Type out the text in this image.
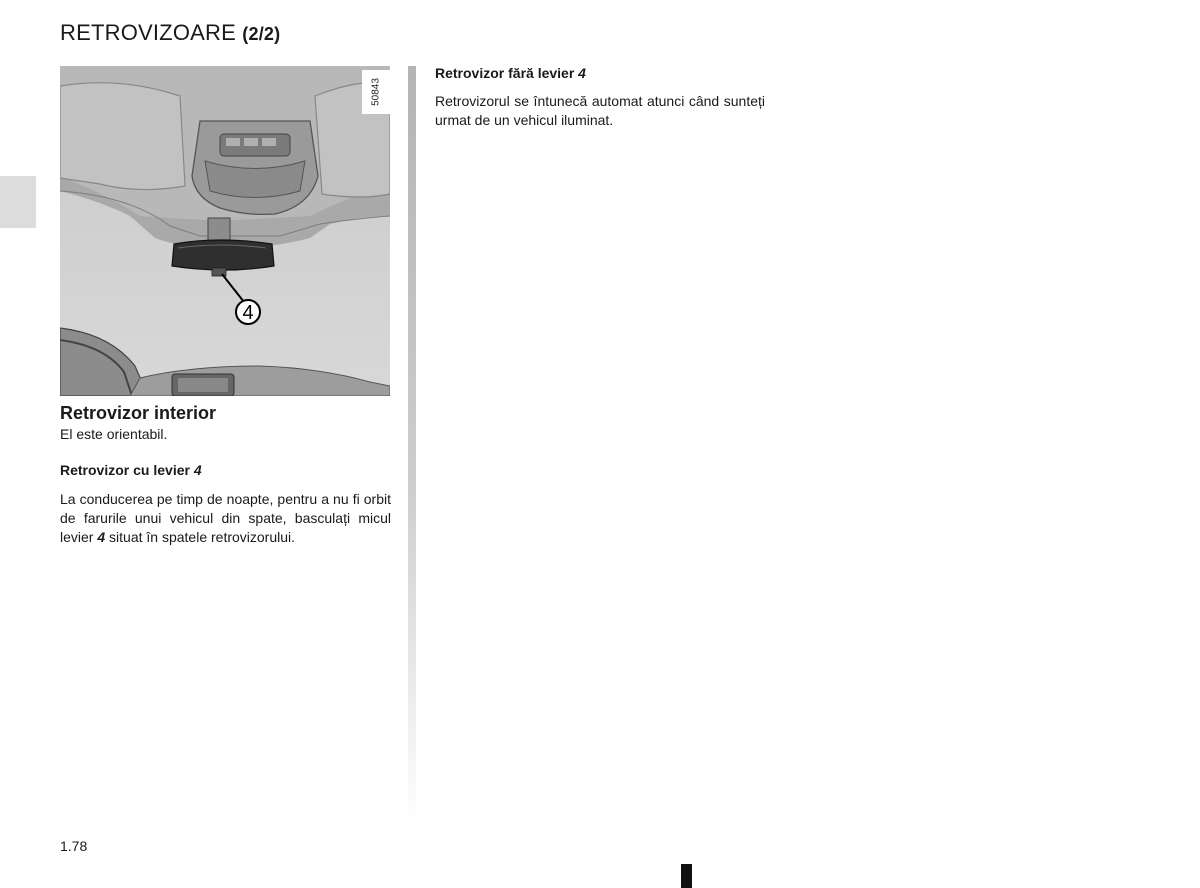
RETROVIZOARE (2/2)
4
50843
Retrovizor interior
El este orientabil.
Retrovizor cu levier 4
La conducerea pe timp de noapte, pentru a nu fi orbit de farurile unui vehicul din spate, basculați micul levier 4 situat în spatele retrovizorului.
Retrovizor fără levier 4
Retrovizorul se întunecă automat atunci când sunteți urmat de un vehicul iluminat.
1.78
